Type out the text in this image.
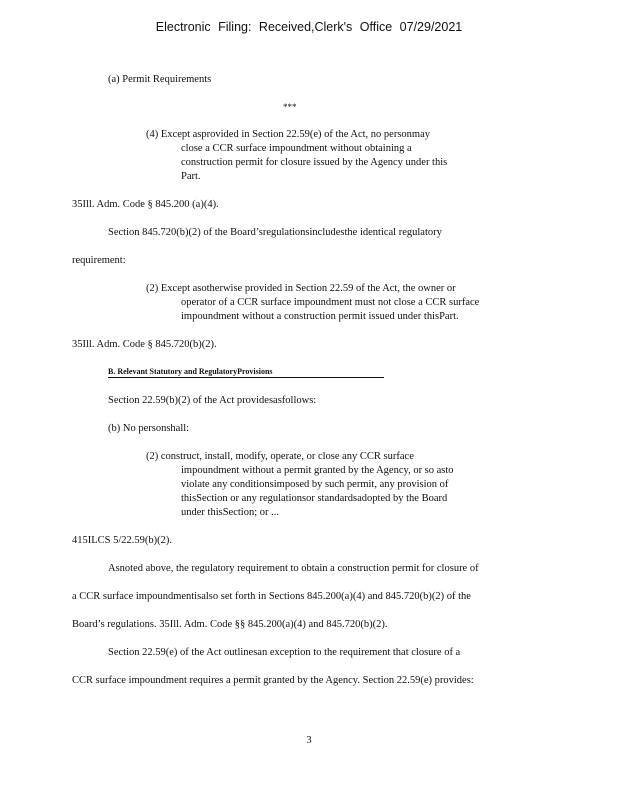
Electronic Filing: Received,Clerk's Office 07/29/2021
(a) Permit Requirements
***
(4) Except asprovided in Section 22.59(e) of the Act, no personmay
close a CCR surface impoundment without obtaining a
construction permit for closure issued by the Agency under this
Part.
35Ill. Adm. Code § 845.200 (a)(4).
Section 845.720(b)(2) of the Board’sregulationsincludesthe identical regulatory
requirement:
(2) Except asotherwise provided in Section 22.59 of the Act, the owner or
operator of a CCR surface impoundment must not close a CCR surface
impoundment without a construction permit issued under thisPart.
35Ill. Adm. Code § 845.720(b)(2).
B. Relevant Statutory and RegulatoryProvisions
Section 22.59(b)(2) of the Act providesasfollows:
(b) No personshall:
(2) construct, install, modify, operate, or close any CCR surface
impoundment without a permit granted by the Agency, or so asto
violate any conditionsimposed by such permit, any provision of
thisSection or any regulationsor standardsadopted by the Board
under thisSection; or ...
415ILCS 5/22.59(b)(2).
Asnoted above, the regulatory requirement to obtain a construction permit for closure of
a CCR surface impoundmentisalso set forth in Sections 845.200(a)(4) and 845.720(b)(2) of the
Board’s regulations. 35Ill. Adm. Code §§ 845.200(a)(4) and 845.720(b)(2).
Section 22.59(e) of the Act outlinesan exception to the requirement that closure of a
CCR surface impoundment requires a permit granted by the Agency. Section 22.59(e) provides:
3
